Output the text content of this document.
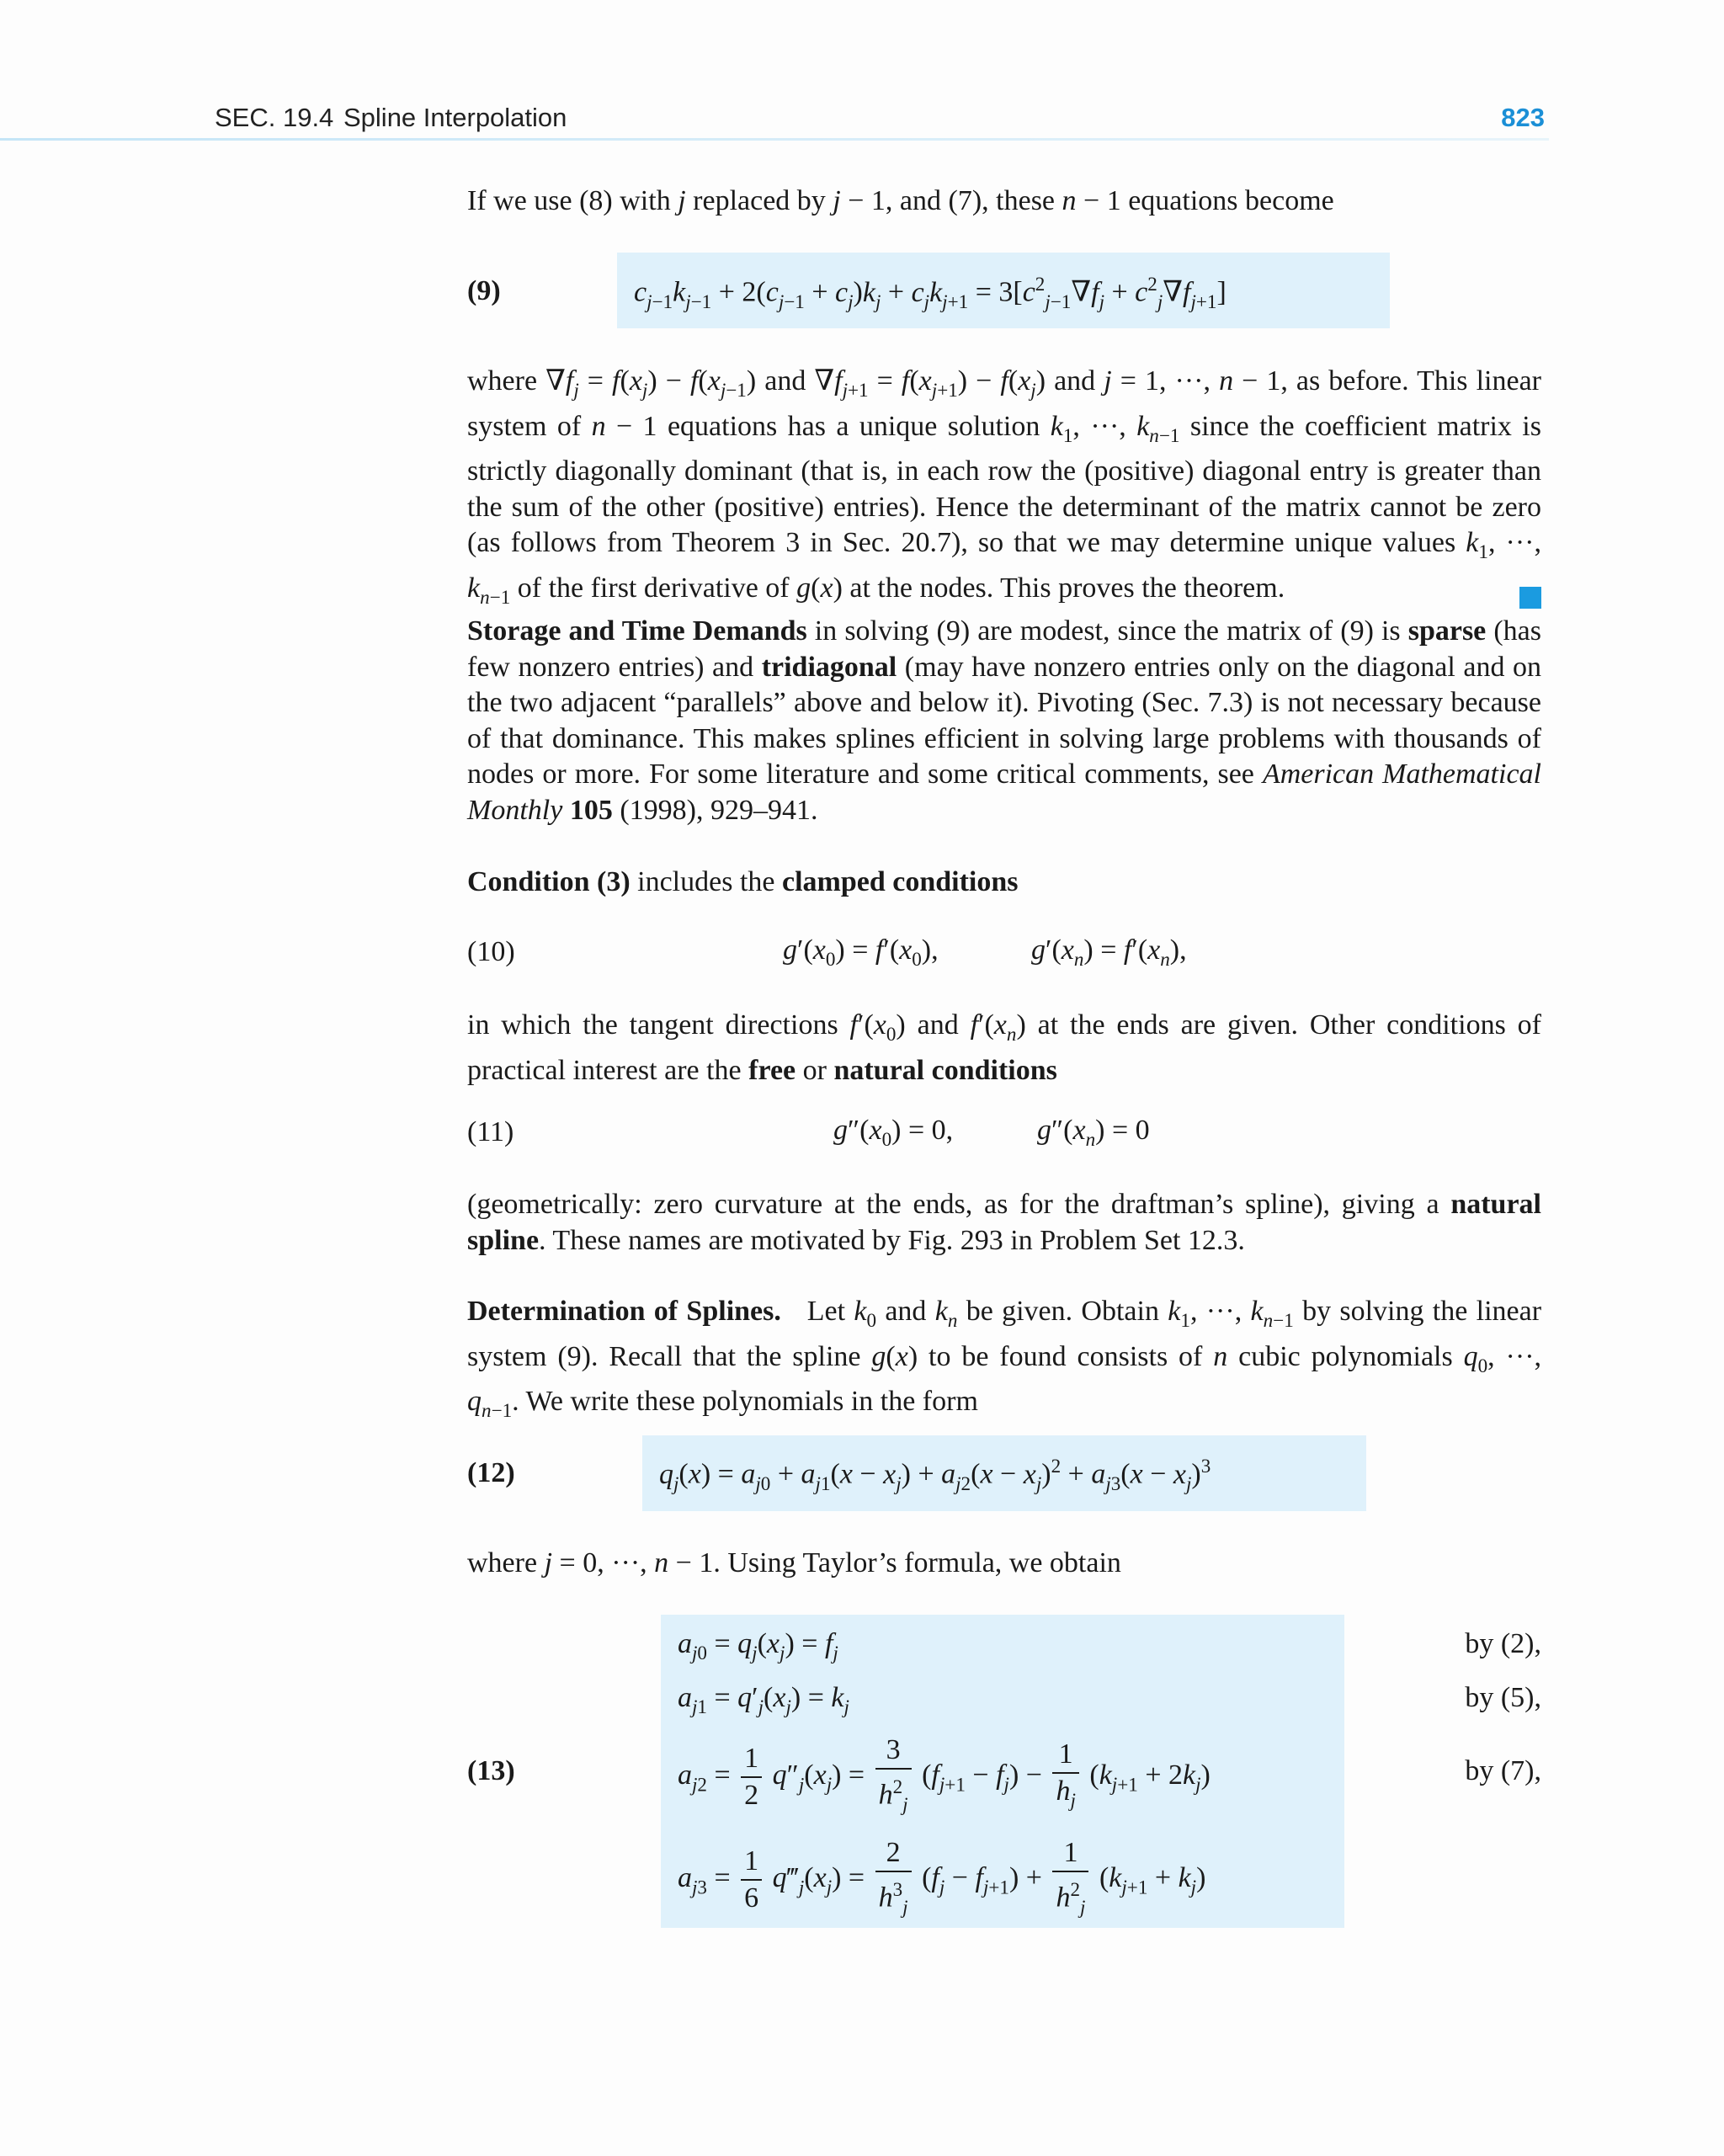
SEC. 19.4 Spline Interpolation	823
If we use (8) with j replaced by j − 1, and (7), these n − 1 equations become
(9)	$c_{j-1}k_{j-1} + 2(c_{j-1} + c_j)k_j + c_jk_{j+1} = 3[c^2_{j-1}\nabla f_j + c^2_j\nabla f_{j+1}]$
where $\nabla f_j = f(x_j) - f(x_{j-1})$ and $\nabla f_{j+1} = f(x_{j+1}) - f(x_j)$ and j = 1, ···, n − 1, as before. This linear system of n − 1 equations has a unique solution $k_1$, ···, $k_{n-1}$ since the coefficient matrix is strictly diagonally dominant (that is, in each row the (positive) diagonal entry is greater than the sum of the other (positive) entries). Hence the determinant of the matrix cannot be zero (as follows from Theorem 3 in Sec. 20.7), so that we may determine unique values $k_1$, ···, $k_{n-1}$ of the first derivative of g(x) at the nodes. This proves the theorem.
Storage and Time Demands in solving (9) are modest, since the matrix of (9) is sparse (has few nonzero entries) and tridiagonal (may have nonzero entries only on the diagonal and on the two adjacent “parallels” above and below it). Pivoting (Sec. 7.3) is not necessary because of that dominance. This makes splines efficient in solving large problems with thousands of nodes or more. For some literature and some critical comments, see American Mathematical Monthly 105 (1998), 929–941.
Condition (3) includes the clamped conditions
(10)	$g'(x_0) = f'(x_0)$,	$g'(x_n) = f'(x_n)$,
in which the tangent directions $f'(x_0)$ and $f'(x_n)$ at the ends are given. Other conditions of practical interest are the free or natural conditions
(11)	$g''(x_0) = 0$,	$g''(x_n) = 0$
(geometrically: zero curvature at the ends, as for the draftman’s spline), giving a natural spline. These names are motivated by Fig. 293 in Problem Set 12.3.
Determination of Splines.   Let $k_0$ and $k_n$ be given. Obtain $k_1$, ···, $k_{n-1}$ by solving the linear system (9). Recall that the spline g(x) to be found consists of n cubic polynomials $q_0$, ···, $q_{n-1}$. We write these polynomials in the form
(12)	$q_j(x) = a_{j0} + a_{j1}(x - x_j) + a_{j2}(x - x_j)^2 + a_{j3}(x - x_j)^3$
where j = 0, ···, n − 1. Using Taylor’s formula, we obtain
(13)
$a_{j0} = q_j(x_j) = f_j$	by (2),
$a_{j1} = q'_j(x_j) = k_j$	by (5),
$a_{j2} = \frac{1}{2} q''_j(x_j) = \frac{3}{h^2_j} (f_{j+1} - f_j) - \frac{1}{h_j} (k_{j+1} + 2k_j)$	by (7),
$a_{j3} = \frac{1}{6}$ $q‴_j(x_j) = \frac{2}{h^3_j} (f_j - f_{j+1}) + \frac{1}{h^2_j} (k_{j+1} + k_j)$
